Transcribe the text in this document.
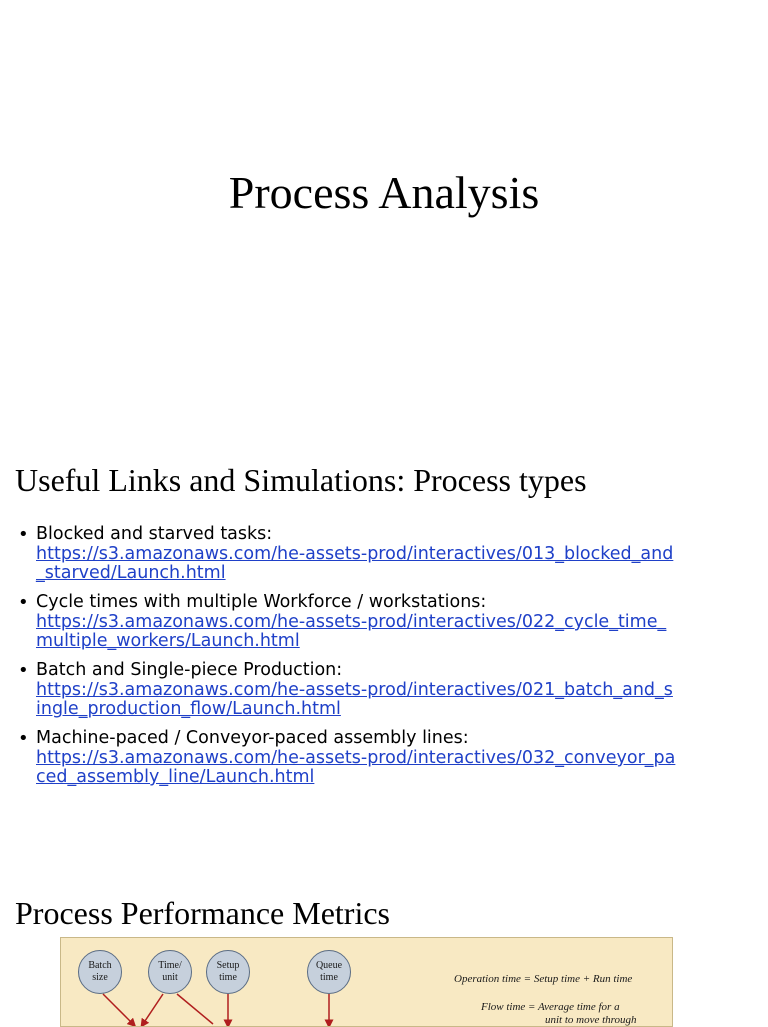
Process Analysis
Useful Links and Simulations: Process types
• Blocked and starved tasks:
https://s3.amazonaws.com/he-assets-prod/interactives/013_blocked_and_starved/Launch.html
• Cycle times with multiple Workforce / workstations:
https://s3.amazonaws.com/he-assets-prod/interactives/022_cycle_time_multiple_workers/Launch.html
• Batch and Single-piece Production:
https://s3.amazonaws.com/he-assets-prod/interactives/021_batch_and_single_production_flow/Launch.html
• Machine-paced / Conveyor-paced assembly lines:
https://s3.amazonaws.com/he-assets-prod/interactives/032_conveyor_paced_assembly_line/Launch.html
Process Performance Metrics
Batch size
Time/ unit
Setup time
Queue time	Operation time = Setup time + Run time
Flow time = Average time for a
unit to move through
